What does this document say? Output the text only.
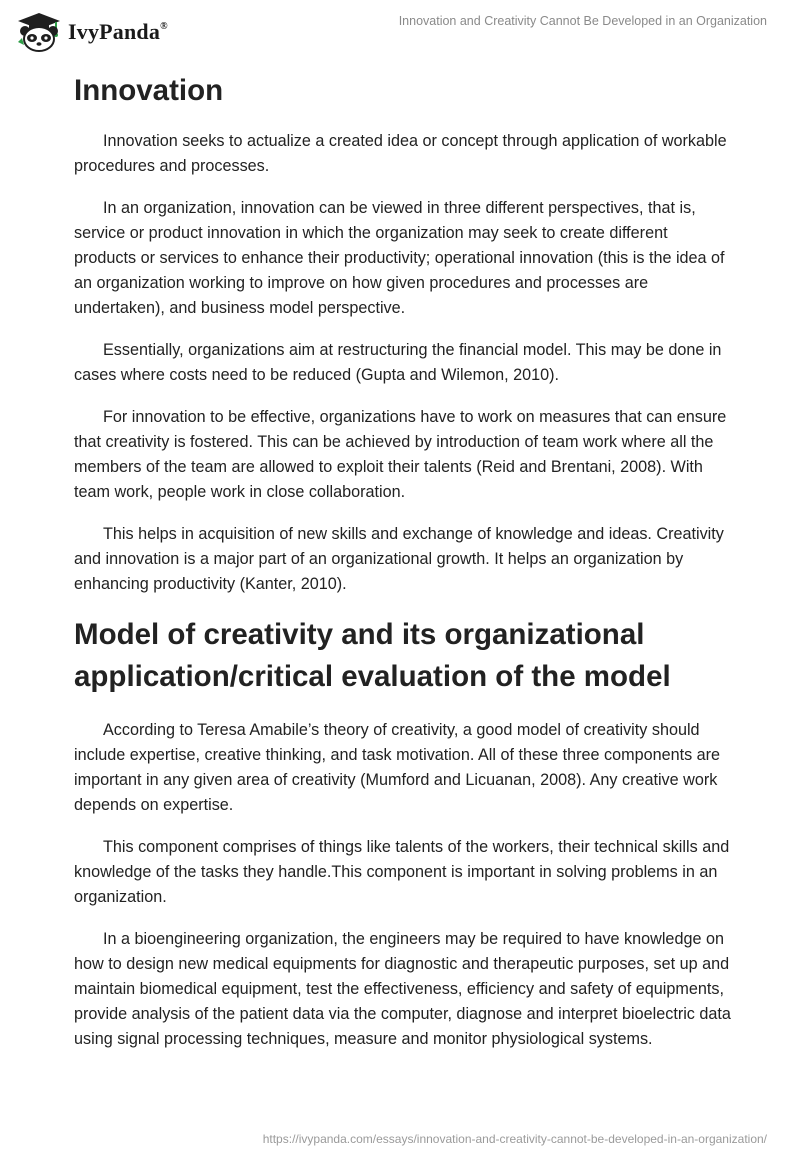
IvyPanda®	Innovation and Creativity Cannot Be Developed in an Organization
Innovation

Innovation seeks to actualize a created idea or concept through application of workable procedures and processes.

In an organization, innovation can be viewed in three different perspectives, that is, service or product innovation in which the organization may seek to create different products or services to enhance their productivity; operational innovation (this is the idea of an organization working to improve on how given procedures and processes are undertaken), and business model perspective.

Essentially, organizations aim at restructuring the financial model. This may be done in cases where costs need to be reduced (Gupta and Wilemon, 2010).

For innovation to be effective, organizations have to work on measures that can ensure that creativity is fostered. This can be achieved by introduction of team work where all the members of the team are allowed to exploit their talents (Reid and Brentani, 2008). With team work, people work in close collaboration.

This helps in acquisition of new skills and exchange of knowledge and ideas. Creativity and innovation is a major part of an organizational growth. It helps an organization by enhancing productivity (Kanter, 2010).

Model of creativity and its organizational application/critical evaluation of the model

According to Teresa Amabile’s theory of creativity, a good model of creativity should include expertise, creative thinking, and task motivation. All of these three components are important in any given area of creativity (Mumford and Licuanan, 2008). Any creative work depends on expertise.

This component comprises of things like talents of the workers, their technical skills and knowledge of the tasks they handle.This component is important in solving problems in an organization.

In a bioengineering organization, the engineers may be required to have knowledge on how to design new medical equipments for diagnostic and therapeutic purposes, set up and maintain biomedical equipment, test the effectiveness, efficiency and safety of equipments, provide analysis of the patient data via the computer, diagnose and interpret bioelectric data using signal processing techniques, measure and monitor physiological systems.

https://ivypanda.com/essays/innovation-and-creativity-cannot-be-developed-in-an-organization/
